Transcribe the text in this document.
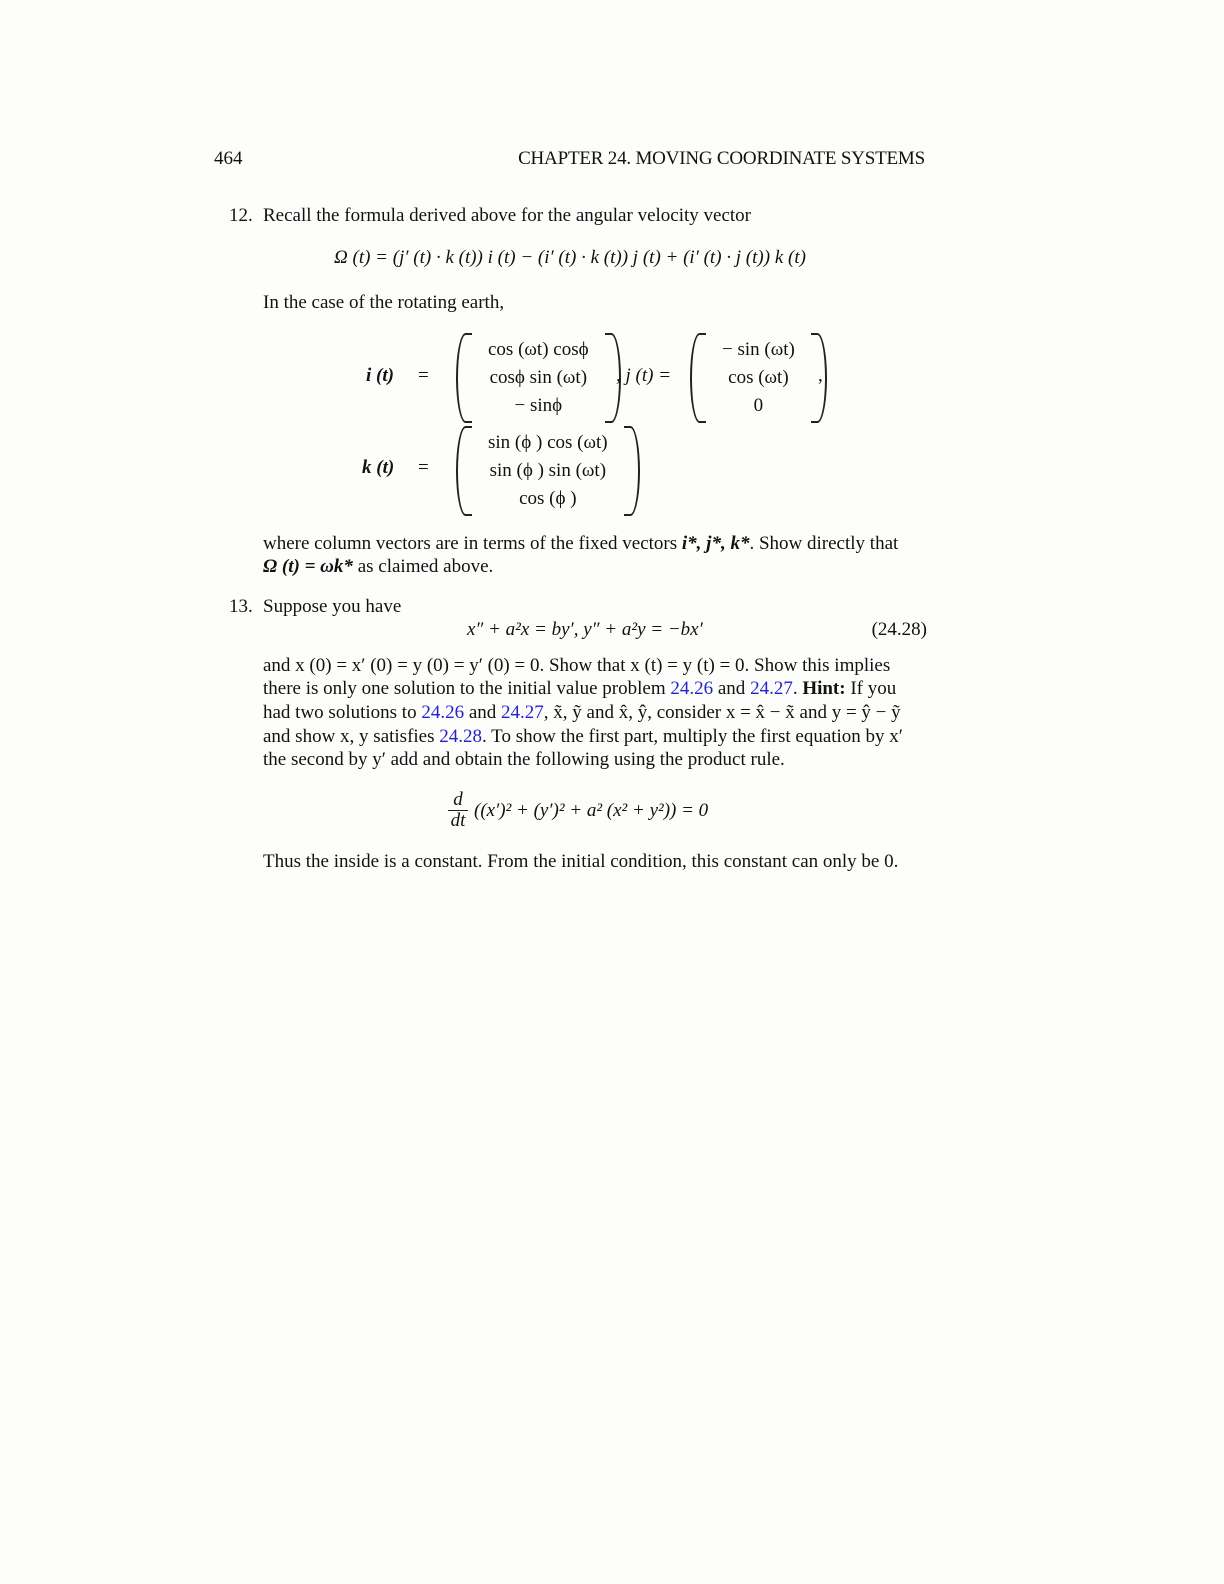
464	CHAPTER 24. MOVING COORDINATE SYSTEMS
12. Recall the formula derived above for the angular velocity vector
Ω (t) = (j′ (t) · k (t)) i (t) − (i′ (t) · k (t)) j (t) + (i′ (t) · j (t)) k (t)
In the case of the rotating earth,
i (t) =
cos (ωt) cosϕ
cosϕ sin (ωt)
− sinϕ
, j (t) =
− sin (ωt)
cos (ωt)
0
,
k (t) =
sin (ϕ ) cos (ωt)
sin (ϕ ) sin (ωt)
cos (ϕ )
where column vectors are in terms of the fixed vectors i*, j*, k*. Show directly that
Ω (t) = ωk* as claimed above.
13. Suppose you have
x″ + a²x = by′, y″ + a²y = −bx′	(24.28)
and x (0) = x′ (0) = y (0) = y′ (0) = 0. Show that x (t) = y (t) = 0. Show this implies
there is only one solution to the initial value problem 24.26 and 24.27. Hint: If you
had two solutions to 24.26 and 24.27, x̃, ỹ and x̂, ŷ, consider x = x̂ − x̃ and y = ŷ − ỹ
and show x, y satisfies 24.28. To show the first part, multiply the first equation by x′
the second by y′ add and obtain the following using the product rule.
$\frac{d}{dt} ((x')^2 + (y')^2 + a^2$ (x² + y²)) = 0
Thus the inside is a constant. From the initial condition, this constant can only be 0.
